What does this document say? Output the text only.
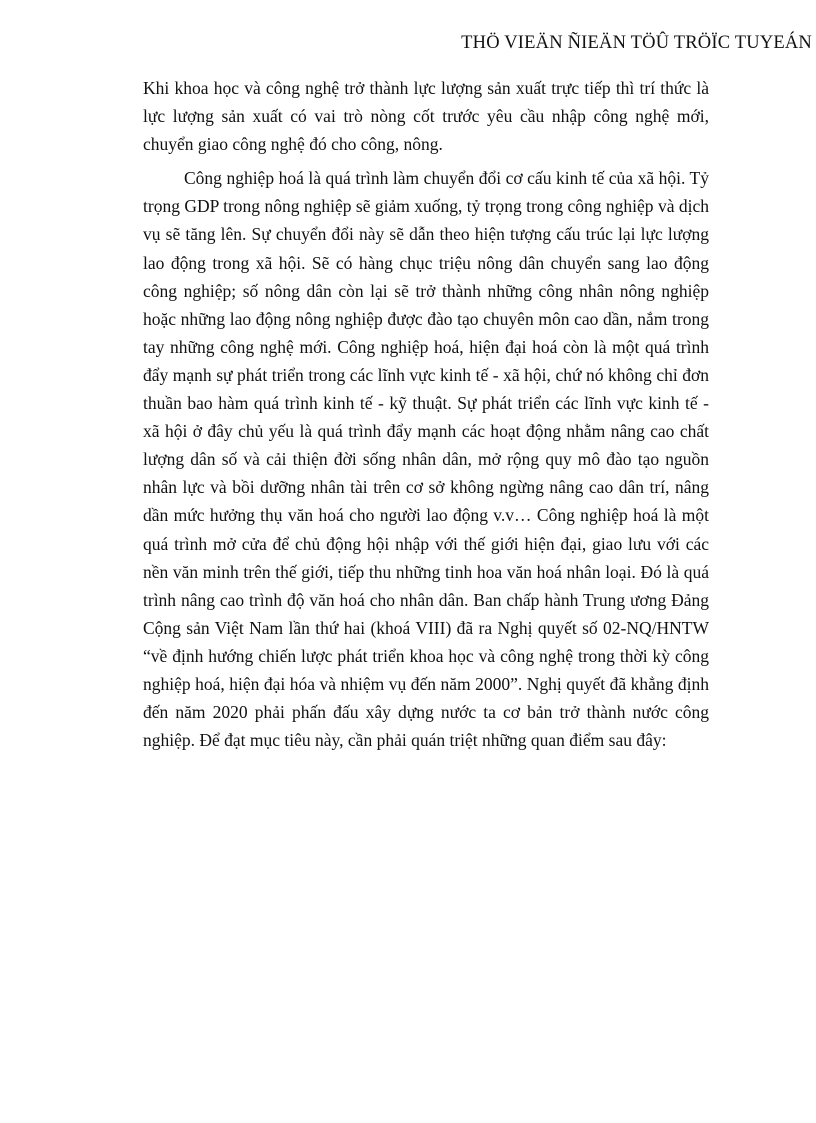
THÖ VIEÄN ÑIEÄN TÖÛ TRÖÏC TUYEÁN

Khi khoa học và công nghệ trở thành lực lượng sản xuất trực tiếp thì trí thức là lực lượng sản xuất có vai trò nòng cốt trước yêu cầu nhập công nghệ mới, chuyển giao công nghệ đó cho công, nông.

Công nghiệp hoá là quá trình làm chuyển đổi cơ cấu kinh tế của xã hội. Tỷ trọng GDP trong nông nghiệp sẽ giảm xuống, tỷ trọng trong công nghiệp và dịch vụ sẽ tăng lên. Sự chuyển đổi này sẽ dẫn theo hiện tượng cấu trúc lại lực lượng lao động trong xã hội. Sẽ có hàng chục triệu nông dân chuyển sang lao động công nghiệp; số nông dân còn lại sẽ trở thành những công nhân nông nghiệp hoặc những lao động nông nghiệp được đào tạo chuyên môn cao dần, nắm trong tay những công nghệ mới. Công nghiệp hoá, hiện đại hoá còn là một quá trình đẩy mạnh sự phát triển trong các lĩnh vực kinh tế - xã hội, chứ nó không chỉ đơn thuần bao hàm quá trình kinh tế - kỹ thuật. Sự phát triển các lĩnh vực kinh tế - xã hội ở đây chủ yếu là quá trình đẩy mạnh các hoạt động nhằm nâng cao chất lượng dân số và cải thiện đời sống nhân dân, mở rộng quy mô đào tạo nguồn nhân lực và bồi dưỡng nhân tài trên cơ sở không ngừng nâng cao dân trí, nâng dần mức hưởng thụ văn hoá cho người lao động v.v… Công nghiệp hoá là một quá trình mở cửa để chủ động hội nhập với thế giới hiện đại, giao lưu với các nền văn minh trên thế giới, tiếp thu những tinh hoa văn hoá nhân loại. Đó là quá trình nâng cao trình độ văn hoá cho nhân dân. Ban chấp hành Trung ương Đảng Cộng sản Việt Nam lần thứ hai (khoá VIII) đã ra Nghị quyết số 02-NQ/HNTW “về định hướng chiến lược phát triển khoa học và công nghệ trong thời kỳ công nghiệp hoá, hiện đại hóa và nhiệm vụ đến năm 2000”. Nghị quyết đã khẳng định đến năm 2020 phải phấn đấu xây dựng nước ta cơ bản trở thành nước công nghiệp. Để đạt mục tiêu này, cần phải quán triệt những quan điểm sau đây:
